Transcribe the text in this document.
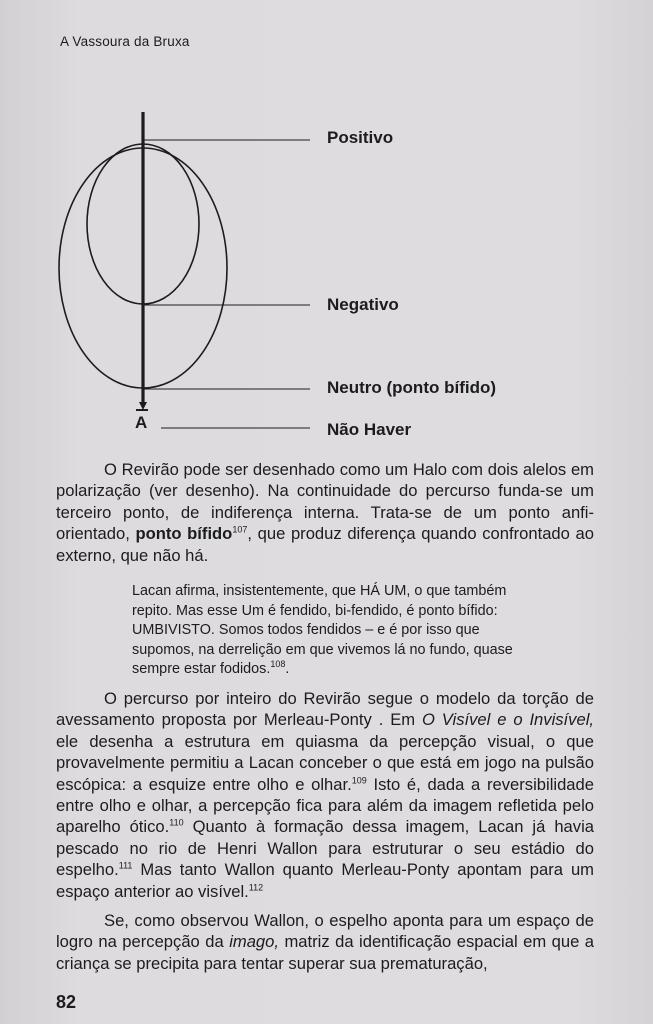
A Vassoura da Bruxa
Positivo
Negativo
Neutro (ponto bífido)
Não Haver
A

O Revirão pode ser desenhado como um Halo com dois alelos em polarização (ver desenho). Na continuidade do percurso funda-se um terceiro ponto, de indiferença interna. Trata-se de um ponto anfi-orientado, ponto bífido$^{107}$, que produz diferença quando confrontado ao externo, que não há.

Lacan afirma, insistentemente, que HÁ UM, o que também repito. Mas esse Um é fendido, bi-fendido, é ponto bífido: UMBIVISTO. Somos todos fendidos – e é por isso que supomos, na derrelição em que vivemos lá no fundo, quase sempre estar fodidos.$^{108}$.

O percurso por inteiro do Revirão segue o modelo da torção de avessamento proposta por Merleau-Ponty . Em O Visível e o Invisível, ele desenha a estrutura em quiasma da percepção visual, o que provavelmente permitiu a Lacan conceber o que está em jogo na pulsão escópica: a esquize entre olho e olhar.$^{109}$ Isto é, dada a reversibilidade entre olho e olhar, a percepção fica para além da imagem refletida pelo aparelho ótico.$^{110}$ Quanto à formação dessa imagem, Lacan já havia pescado no rio de Henri Wallon para estruturar o seu estádio do espelho.$^{111}$ Mas tanto Wallon quanto Merleau-Ponty apontam para um espaço anterior ao visível.$^{112}$

Se, como observou Wallon, o espelho aponta para um espaço de logro na percepção da imago, matriz da identificação espacial em que a criança se precipita para tentar superar sua prematuração,

82
